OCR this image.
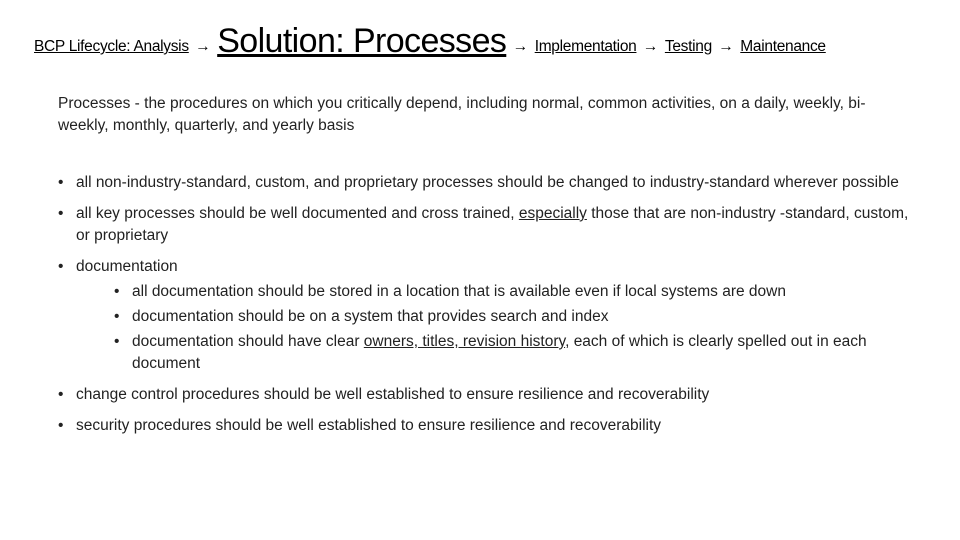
BCP Lifecycle: Analysis → Solution: Processes → Implementation → Testing → Maintenance
Processes - the procedures on which you critically depend, including normal, common activities, on a daily, weekly, bi-weekly, monthly, quarterly, and yearly basis
• all non-industry-standard, custom, and proprietary processes should be changed to industry-standard wherever possible
• all key processes should be well documented and cross trained, especially those that are non-industry -standard, custom, or proprietary
• documentation
• all documentation should be stored in a location that is available even if local systems are down
• documentation should be on a system that provides search and index
• documentation should have clear owners, titles, revision history, each of which is clearly spelled out in each document
• change control procedures should be well established to ensure resilience and recoverability
• security procedures should be well established to ensure resilience and recoverability
